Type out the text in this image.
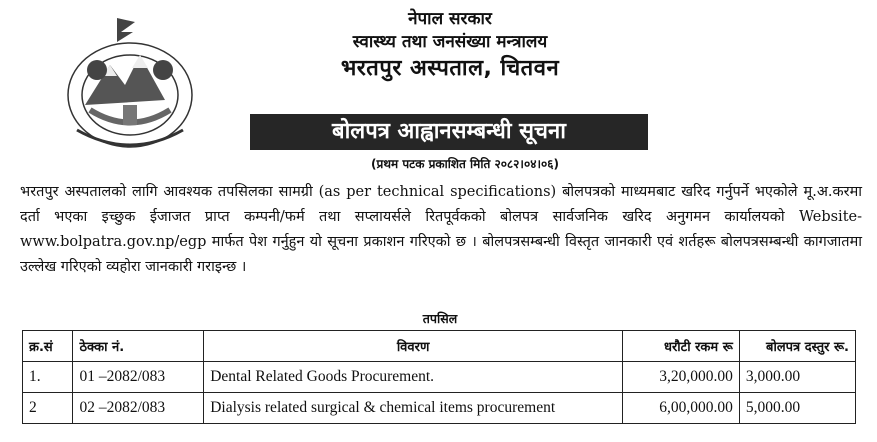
नेपाल सरकार

स्वास्थ्य तथा जनसंख्या मन्त्रालय

भरतपुर अस्पताल, चितवन

बोलपत्र आह्वानसम्बन्धी सूचना
(प्रथम पटक प्रकाशित मिति २०८२।०४।०६)

भरतपुर अस्पतालको लागि आवश्यक तपसिलका सामग्री (as per technical specifications) बोलपत्रको माध्यमबाट खरिद गर्नुपर्ने भएकोले मू.अ.करमा दर्ता भएका इच्छुक ईजाजत प्राप्त कम्पनी/फर्म तथा सप्लायर्सले रितपूर्वकको बोलपत्र सार्वजनिक खरिद अनुगमन कार्यालयको Website- www.bolpatra.gov.np/egp मार्फत पेश गर्नुहुन यो सूचना प्रकाशन गरिएको छ । बोलपत्रसम्बन्धी विस्तृत जानकारी एवं शर्तहरू बोलपत्रसम्बन्धी कागजातमा उल्लेख गरिएको व्यहोरा जानकारी गराइन्छ ।

तपसिल
क्र.सं	ठेक्का नं.	विवरण	धरौटी रकम रू	बोलपत्र दस्तुर रू.
1.	01 –2082/083	Dental Related Goods Procurement.	3,20,000.00	3,000.00
2	02 –2082/083	Dialysis related surgical & chemical items procurement	6,00,000.00	5,000.00
